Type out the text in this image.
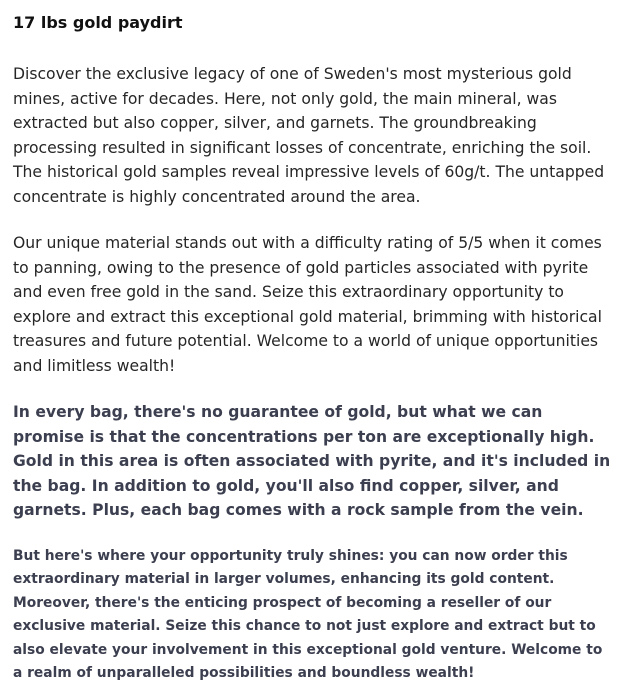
17 lbs gold paydirt

Discover the exclusive legacy of one of Sweden's most mysterious gold mines, active for decades. Here, not only gold, the main mineral, was extracted but also copper, silver, and garnets. The groundbreaking processing resulted in significant losses of concentrate, enriching the soil. The historical gold samples reveal impressive levels of 60g/t. The untapped concentrate is highly concentrated around the area.

Our unique material stands out with a difficulty rating of 5/5 when it comes to panning, owing to the presence of gold particles associated with pyrite and even free gold in the sand. Seize this extraordinary opportunity to explore and extract this exceptional gold material, brimming with historical treasures and future potential. Welcome to a world of unique opportunities and limitless wealth!

In every bag, there's no guarantee of gold, but what we can promise is that the concentrations per ton are exceptionally high. Gold in this area is often associated with pyrite, and it's included in the bag. In addition to gold, you'll also find copper, silver, and garnets. Plus, each bag comes with a rock sample from the vein.

But here's where your opportunity truly shines: you can now order this extraordinary material in larger volumes, enhancing its gold content. Moreover, there's the enticing prospect of becoming a reseller of our exclusive material. Seize this chance to not just explore and extract but to also elevate your involvement in this exceptional gold venture. Welcome to a realm of unparalleled possibilities and boundless wealth!
